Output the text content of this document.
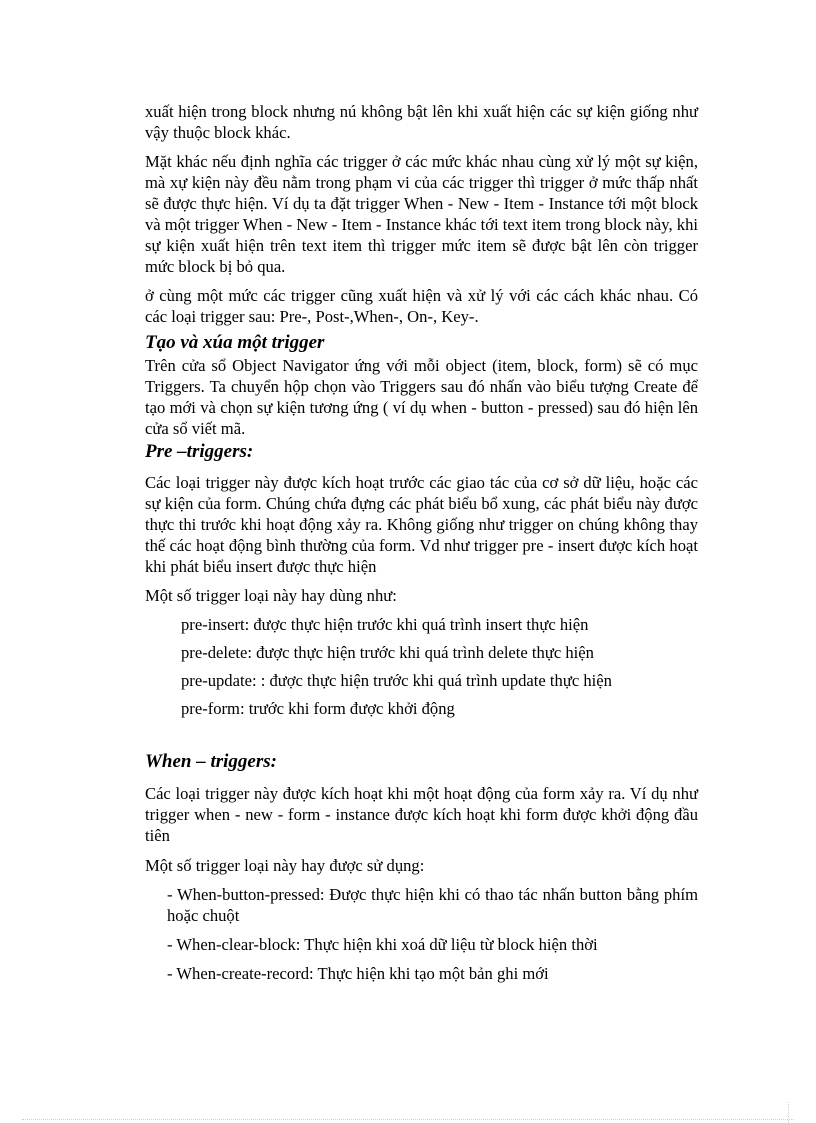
xuất hiện trong block nhưng nú không bật lên khi xuất hiện các sự kiện giống như vậy thuộc block khác.

Mặt khác nếu định nghĩa các trigger ở các mức khác nhau cùng xử lý một sự kiện, mà xự kiện này đều nằm trong phạm vi của các trigger thì trigger ở mức thấp nhất sẽ được thực hiện. Ví dụ ta đặt trigger When - New - Item - Instance tới một block và một trigger When - New - Item - Instance khác tới text item trong block này, khi sự kiện xuất hiện trên text item thì trigger mức item sẽ được bật lên còn trigger mức block bị bỏ qua.

ở cùng một mức các trigger cũng xuất hiện và xử lý với các cách khác nhau. Có các loại trigger sau: Pre-, Post-,When-, On-, Key-.

Tạo và xúa một trigger

Trên cửa sổ Object Navigator ứng với mỗi object (item, block, form) sẽ có mục Triggers. Ta chuyển hộp chọn vào Triggers sau đó nhấn vào biểu tượng Create để tạo mới và chọn sự kiện tương ứng ( ví dụ when - button - pressed) sau đó hiện lên cửa sổ viết mã.

Pre –triggers:

Các loại trigger này được kích hoạt trước các giao tác của cơ sở dữ liệu, hoặc các sự kiện của form. Chúng chứa đựng các phát biểu bổ xung, các phát biểu này được thực thi trước khi hoạt động xảy ra. Không giống như trigger on chúng không thay thế các hoạt động bình thường của form. Vd như trigger pre - insert được kích hoạt khi phát biểu insert được thực hiện

Một số trigger loại này hay dùng như:

pre-insert: được thực hiện trước khi quá trình insert thực hiện

pre-delete: được thực hiện trước khi quá trình delete thực hiện

pre-update: : được thực hiện trước khi quá trình update thực hiện

pre-form: trước khi form được khởi động

When – triggers:

Các loại trigger này được kích hoạt khi một hoạt động của form xảy ra. Ví dụ như trigger when - new - form - instance được kích hoạt khi form được khởi động đầu tiên

Một số trigger loại này hay được sử dụng:

- When-button-pressed: Được thực hiện khi có thao tác nhấn button bằng phím hoặc chuột

- When-clear-block: Thực hiện khi xoá dữ liệu từ block hiện thời

- When-create-record: Thực hiện khi tạo một bản ghi mới
